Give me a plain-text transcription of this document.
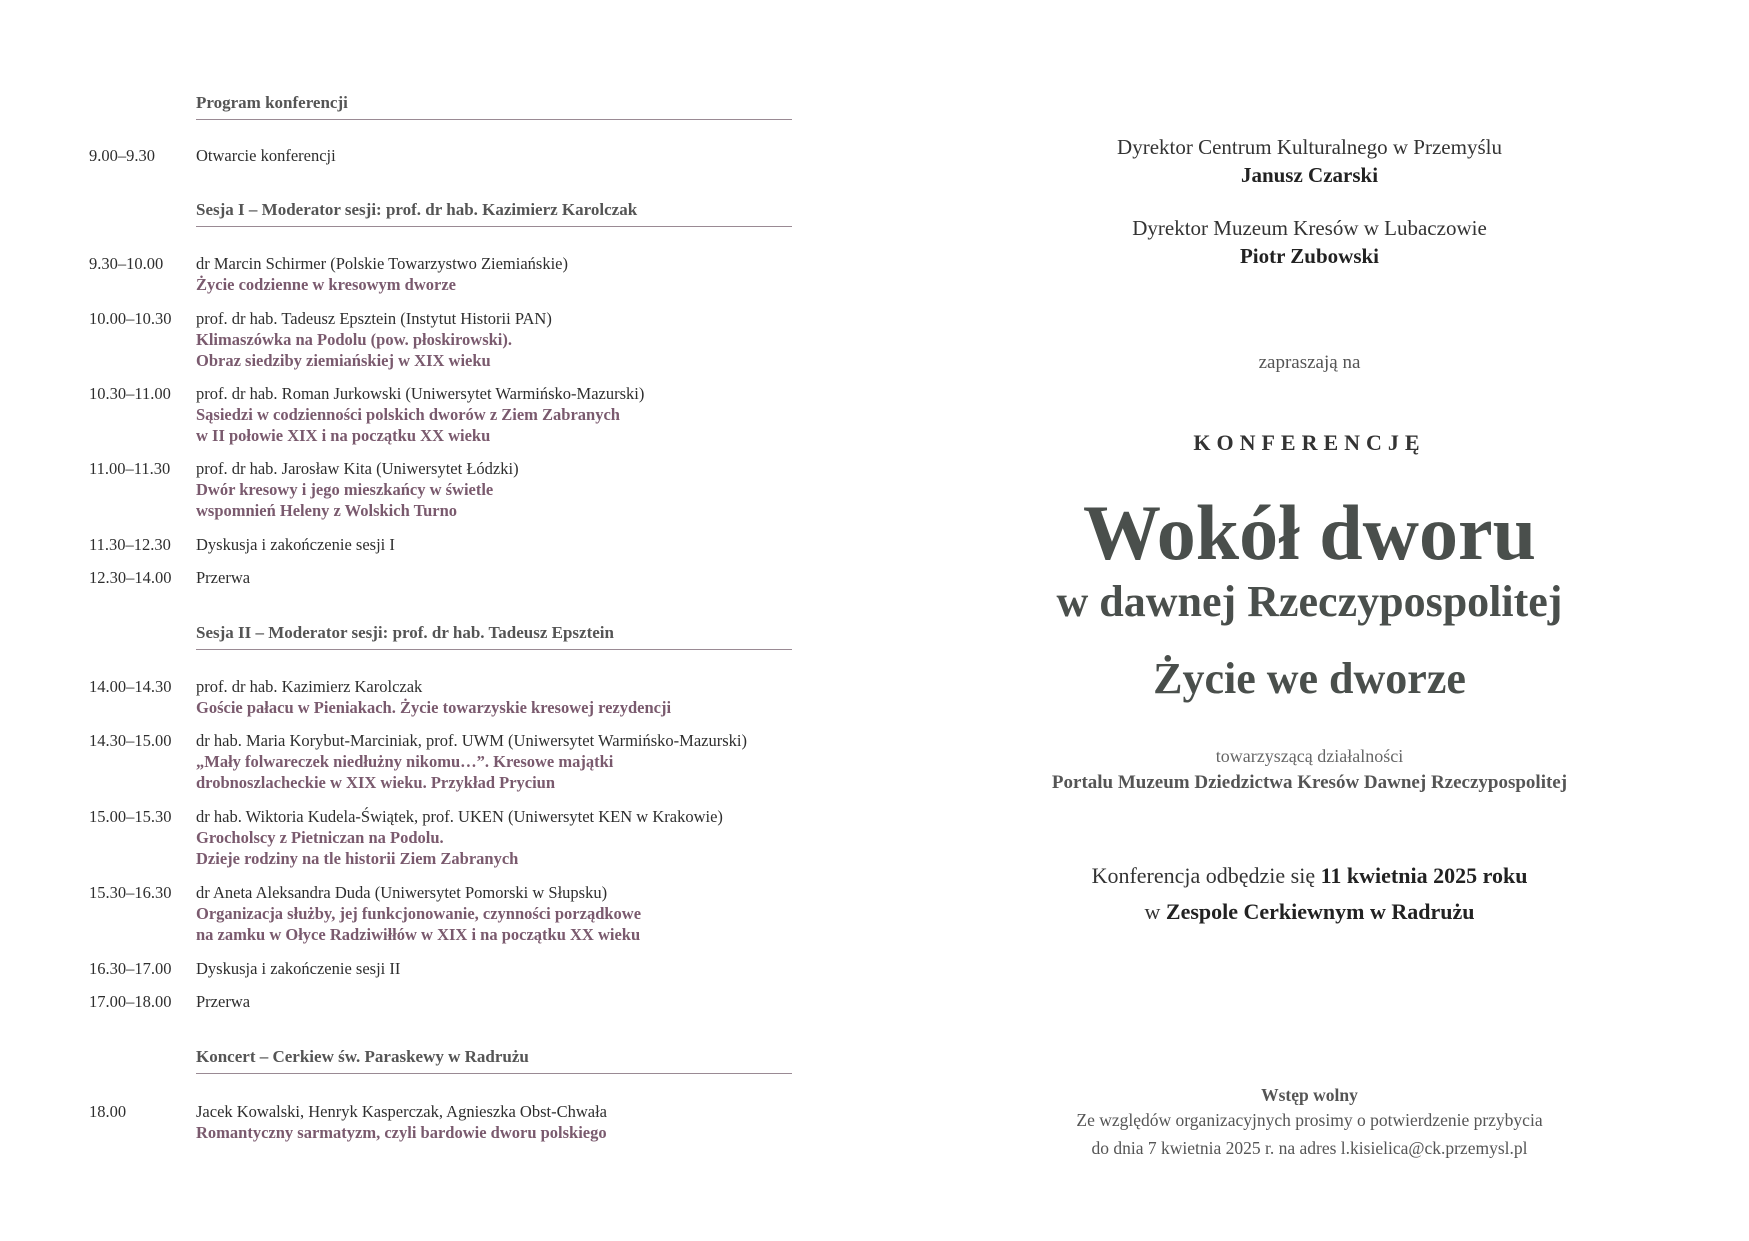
Program konferencji
9.00–9.30 Otwarcie konferencji
Sesja I – Moderator sesji: prof. dr hab. Kazimierz Karolczak
9.30–10.00 dr Marcin Schirmer (Polskie Towarzystwo Ziemiańskie)
Życie codzienne w kresowym dworze
10.00–10.30 prof. dr hab. Tadeusz Epsztein (Instytut Historii PAN)
Klimaszówka na Podolu (pow. płoskirowski).
Obraz siedziby ziemiańskiej w XIX wieku
10.30–11.00 prof. dr hab. Roman Jurkowski (Uniwersytet Warmińsko-Mazurski)
Sąsiedzi w codzienności polskich dworów z Ziem Zabranych
w II połowie XIX i na początku XX wieku
11.00–11.30 prof. dr hab. Jarosław Kita (Uniwersytet Łódzki)
Dwór kresowy i jego mieszkańcy w świetle
wspomnień Heleny z Wolskich Turno
11.30–12.30 Dyskusja i zakończenie sesji I
12.30–14.00 Przerwa
Sesja II – Moderator sesji: prof. dr hab. Tadeusz Epsztein
14.00–14.30 prof. dr hab. Kazimierz Karolczak
Goście pałacu w Pieniakach. Życie towarzyskie kresowej rezydencji
14.30–15.00 dr hab. Maria Korybut-Marciniak, prof. UWM (Uniwersytet Warmińsko-Mazurski)
„Mały folwareczek niedłużny nikomu…”. Kresowe majątki
drobnoszlacheckie w XIX wieku. Przykład Pryciun
15.00–15.30 dr hab. Wiktoria Kudela-Świątek, prof. UKEN (Uniwersytet KEN w Krakowie)
Grocholscy z Pietniczan na Podolu.
Dzieje rodziny na tle historii Ziem Zabranych
15.30–16.30 dr Aneta Aleksandra Duda (Uniwersytet Pomorski w Słupsku)
Organizacja służby, jej funkcjonowanie, czynności porządkowe
na zamku w Ołyce Radziwiłłów w XIX i na początku XX wieku
16.30–17.00 Dyskusja i zakończenie sesji II
17.00–18.00 Przerwa
Koncert – Cerkiew św. Paraskewy w Radrużu
18.00	Jacek Kowalski, Henryk Kasperczak, Agnieszka Obst-Chwała
Romantyczny sarmatyzm, czyli bardowie dworu polskiego
Dyrektor Centrum Kulturalnego w Przemyślu
Janusz Czarski
Dyrektor Muzeum Kresów w Lubaczowie
Piotr Zubowski
zapraszają na
KONFERENCJĘ
Wokół dworu
w dawnej Rzeczypospolitej
Życie we dworze
towarzyszącą działalności
Portalu Muzeum Dziedzictwa Kresów Dawnej Rzeczypospolitej
Konferencja odbędzie się 11 kwietnia 2025 roku
w Zespole Cerkiewnym w Radrużu
Wstęp wolny
Ze względów organizacyjnych prosimy o potwierdzenie przybycia
do dnia 7 kwietnia 2025 r. na adres l.kisielica@ck.przemysl.pl
